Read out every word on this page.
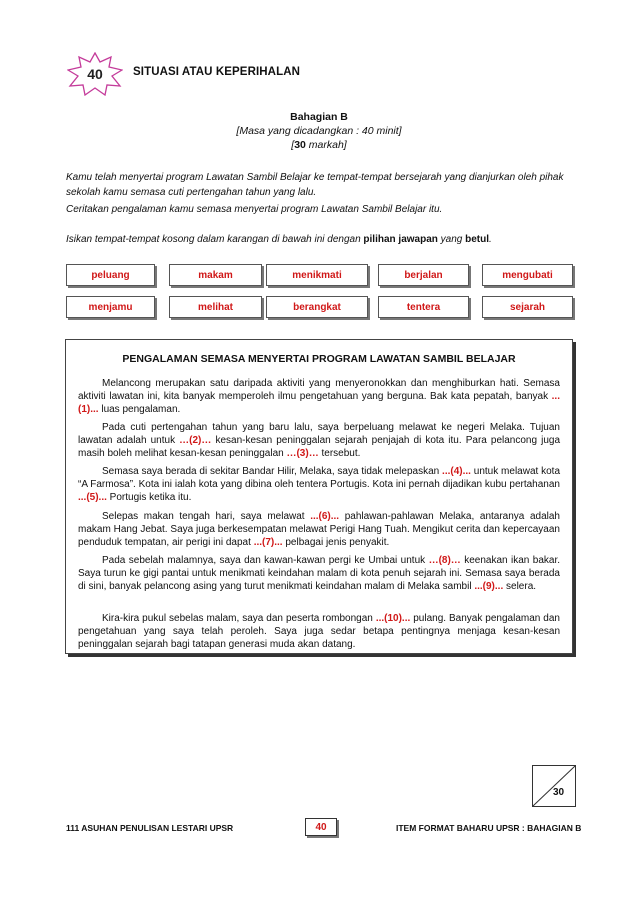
40	SITUASI ATAU KEPERIHALAN
Bahagian B
[Masa yang dicadangkan : 40 minit]
[30 markah]
Kamu telah menyertai program Lawatan Sambil Belajar ke tempat-tempat bersejarah yang dianjurkan oleh pihak sekolah kamu semasa cuti pertengahan tahun yang lalu.
Ceritakan pengalaman kamu semasa menyertai program Lawatan Sambil Belajar itu.
Isikan tempat-tempat kosong dalam karangan di bawah ini dengan pilihan jawapan yang betul.
peluang	makam	menikmati	berjalan	mengubati
menjamu	melihat	berangkat	tentera	sejarah
PENGALAMAN SEMASA MENYERTAI PROGRAM LAWATAN SAMBIL BELAJAR
Melancong merupakan satu daripada aktiviti yang menyeronokkan dan menghiburkan hati. Semasa aktiviti lawatan ini, kita banyak memperoleh ilmu pengetahuan yang berguna. Bak kata pepatah, banyak ...(1)... luas pengalaman.
Pada cuti pertengahan tahun yang baru lalu, saya berpeluang melawat ke negeri Melaka. Tujuan lawatan adalah untuk …(2)… kesan-kesan peninggalan sejarah penjajah di kota itu. Para pelancong juga masih boleh melihat kesan-kesan peninggalan …(3)… tersebut.
Semasa saya berada di sekitar Bandar Hilir, Melaka, saya tidak melepaskan ...(4)... untuk melawat kota “A Farmosa”. Kota ini ialah kota yang dibina oleh tentera Portugis. Kota ini pernah dijadikan kubu pertahanan ...(5)... Portugis ketika itu.
Selepas makan tengah hari, saya melawat ...(6)... pahlawan-pahlawan Melaka, antaranya adalah makam Hang Jebat. Saya juga berkesempatan melawat Perigi Hang Tuah. Mengikut cerita dan kepercayaan penduduk tempatan, air perigi ini dapat ...(7)... pelbagai jenis penyakit.
Pada sebelah malamnya, saya dan kawan-kawan pergi ke Umbai untuk …(8)… keenakan ikan bakar. Saya turun ke gigi pantai untuk menikmati keindahan malam di kota penuh sejarah ini. Semasa saya berada di sini, banyak pelancong asing yang turut menikmati keindahan malam di Melaka sambil ...(9)... selera.
Kira-kira pukul sebelas malam, saya dan peserta rombongan ...(10)... pulang. Banyak pengalaman dan pengetahuan yang saya telah peroleh. Saya juga sedar betapa pentingnya menjaga kesan-kesan peninggalan sejarah bagi tatapan generasi muda akan datang.
30
111 ASUHAN PENULISAN LESTARI UPSR	40	ITEM FORMAT BAHARU UPSR : BAHAGIAN B
